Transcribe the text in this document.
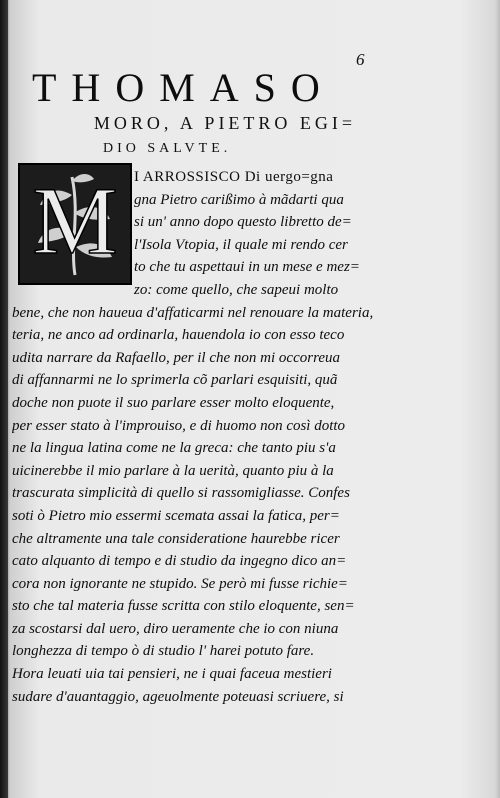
6
THOMASO
MORO, A PIETRO EGI=
DIO SALVTE.
M	I ARROSSISCO Di uergo=gna
gna Pietro carißimo à mãdarti qua
si un' anno dopo questo libretto de=
l'Isola Vtopia, il quale mi rendo cer
to che tu aspettaui in un mese e mez=
zo: come quello, che sapeui molto
bene, che non haueua d'affaticarmi nel renouare la materia,
teria, ne anco ad ordinarla, hauendola io con esso teco
udita narrare da Rafaello, per il che non mi occorreua
di affannarmi ne lo sprimerla cõ parlari esquisiti, quã
doche non puote il suo parlare esser molto eloquente,
per esser stato à l'improuiso, e di huomo non così dotto
ne la lingua latina come ne la greca: che tanto piu s'a
uicinerebbe il mio parlare à la uerità, quanto piu à la
trascurata simplicità di quello si rassomigliasse. Confes
soti ò Pietro mio essermi scemata assai la fatica, per=
che altramente una tale consideratione haurebbe ricer
cato alquanto di tempo e di studio da ingegno dico an=
cora non ignorante ne stupido. Se però mi fusse richie=
sto che tal materia fusse scritta con stilo eloquente, sen=
za scostarsi dal uero, diro ueramente che io con niuna
longhezza di tempo ò di studio l' harei potuto fare.
Hora leuati uia tai pensieri, ne i quai faceua mestieri
sudare d'auantaggio, ageuolmente poteuasi scriuere, si
